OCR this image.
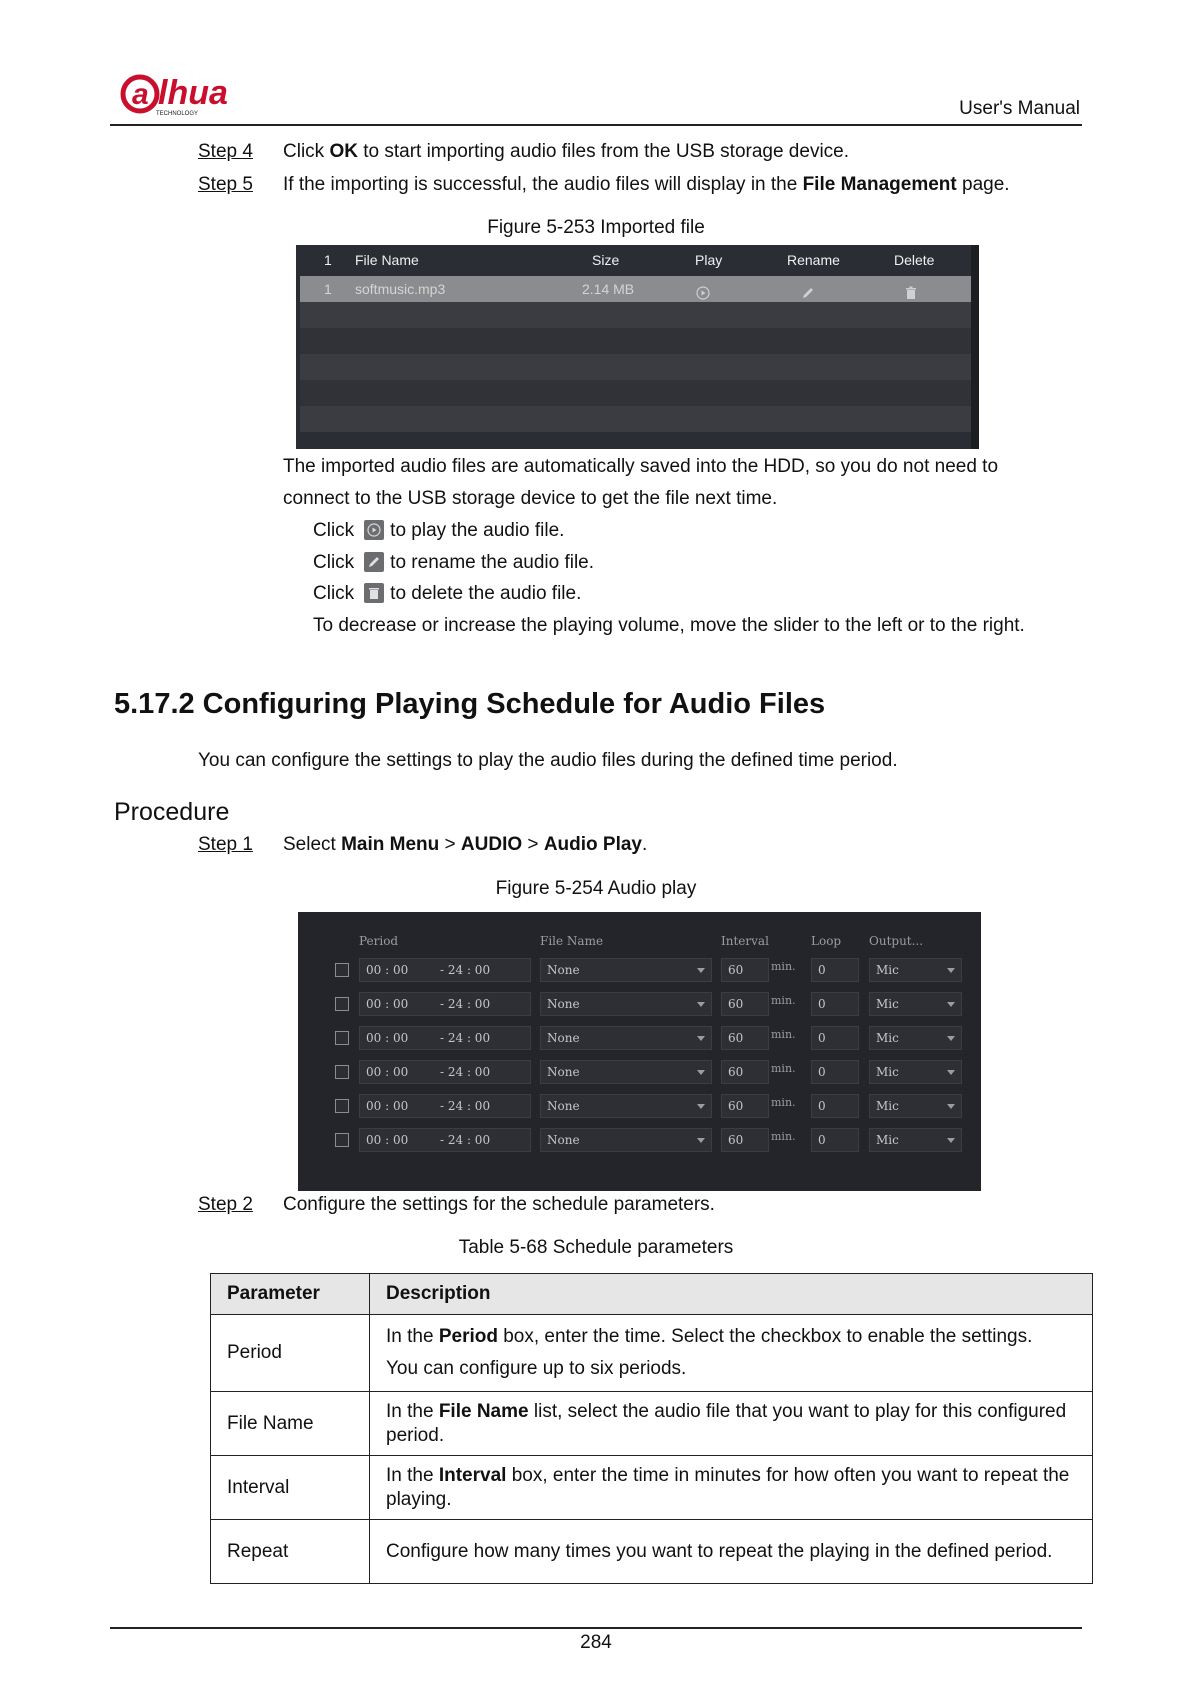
a lhua
TECHNOLOGY	User's Manual
Step 4 Click OK to start importing audio files from the USB storage device.
Step 5 If the importing is successful, the audio files will display in the File Management page.
Figure 5-253 Imported file
1 File Name	Size	Play	Rename	Delete
1 softmusic.mp3	2.14 MB
The imported audio files are automatically saved into the HDD, so you do not need to
connect to the USB storage device to get the file next time.
Click to play the audio file.
Click to rename the audio file.
Click to delete the audio file.
To decrease or increase the playing volume, move the slider to the left or to the right.
5.17.2 Configuring Playing Schedule for Audio Files
You can configure the settings to play the audio files during the defined time period.
Procedure
Step 1 Select Main Menu > AUDIO > Audio Play.
Figure 5-254 Audio play
Period	File Name	Interval	Loop Output...
00 : 00	- 24 : 00	None	60	min. 0	Mic
00 : 00	- 24 : 00	None	60	min. 0	Mic
00 : 00	- 24 : 00	None	60	min. 0	Mic
00 : 00	- 24 : 00	None	60	min. 0	Mic
00 : 00	- 24 : 00	None	60	min. 0	Mic
00 : 00	- 24 : 00	None	60	min. 0	Mic
Step 2 Configure the settings for the schedule parameters.
Table 5-68 Schedule parameters
Parameter	Description
Period	In the Period box, enter the time. Select the checkbox to enable the settings.
You can configure up to six periods.

File Name	In the File Name list, select the audio file that you want to play for this configured period.
Interval	In the Interval box, enter the time in minutes for how often you want to repeat the playing.
Repeat	Configure how many times you want to repeat the playing in the defined period.
284
